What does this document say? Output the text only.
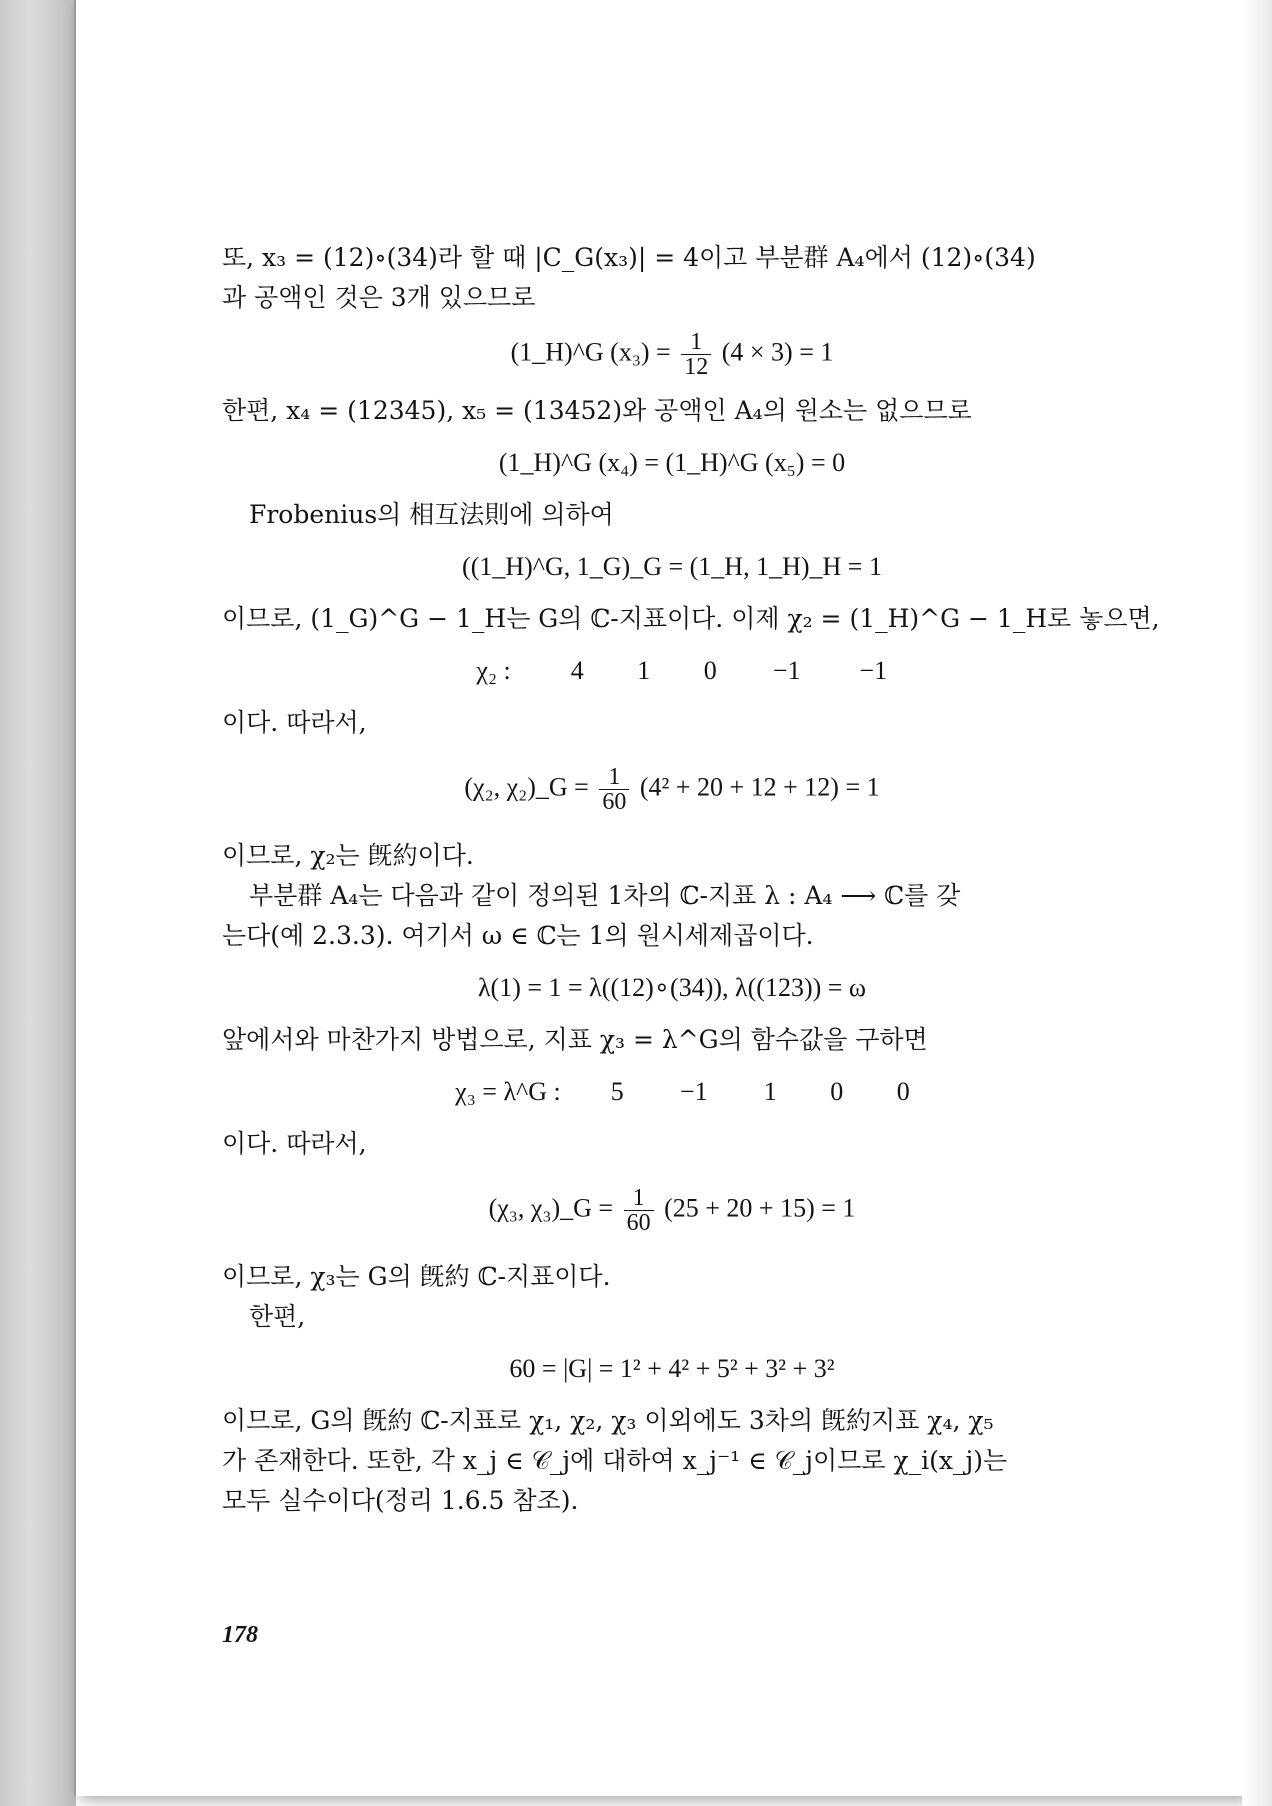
또, x₃ = (12)∘(34)라 할 때 |C_G(x₃)| = 4이고 부분群 A₄에서 (12)∘(34)
과 공액인 것은 3개 있으므로
(1_H)^G $(x_3) = \frac{1}{12} (4 \times 3) = 1$
한편, x₄ = (12345), x₅ = (13452)와 공액인 A₄의 원소는 없으므로
(1_H)^G (x₄) = (1_H)^G (x₅) = 0
Frobenius의 相互法則에 의하여
((1_H)^G, 1_G)_G = (1_H, 1_H)_H = 1
이므로, (1_G)^G − 1_H는 G의 ℂ-지표이다. 이제 χ₂ = (1_H)^G − 1_H로 놓으면,
χ₂ : 4 1 0 −1 −1
이다. 따라서,
(χ₂, χ₂)_G = $\frac{1}{60} (4^2 + 20 + 12 + 12) = 1$
이므로, χ₂는 旣約이다.
부분群 A₄는 다음과 같이 정의된 1차의 ℂ-지표 λ : A₄ ⟶ ℂ를 갖
는다(예 2.3.3). 여기서 ω ∈ ℂ는 1의 원시세제곱이다.
λ(1) = 1 = λ((12)∘(34)), λ((123)) = ω
앞에서와 마찬가지 방법으로, 지표 χ₃ = λ^G의 함수값을 구하면
χ₃ = λ^G : 5 −1 1 0 0
이다. 따라서,
(χ₃, χ₃)_G = $\frac{1}{60} (25 + 20 + 15) = 1$
이므로, χ₃는 G의 旣約 ℂ-지표이다.
한편,
60 = |G| = 1² + 4² + 5² + 3² + 3²
이므로, G의 旣約 ℂ-지표로 χ₁, χ₂, χ₃ 이외에도 3차의 旣約지표 χ₄, χ₅
가 존재한다. 또한, 각 x_j ∈ 𝒞_j에 대하여 x_j⁻¹ ∈ 𝒞_j이므로 χ_i(x_j)는
모두 실수이다(정리 1.6.5 참조).
178
